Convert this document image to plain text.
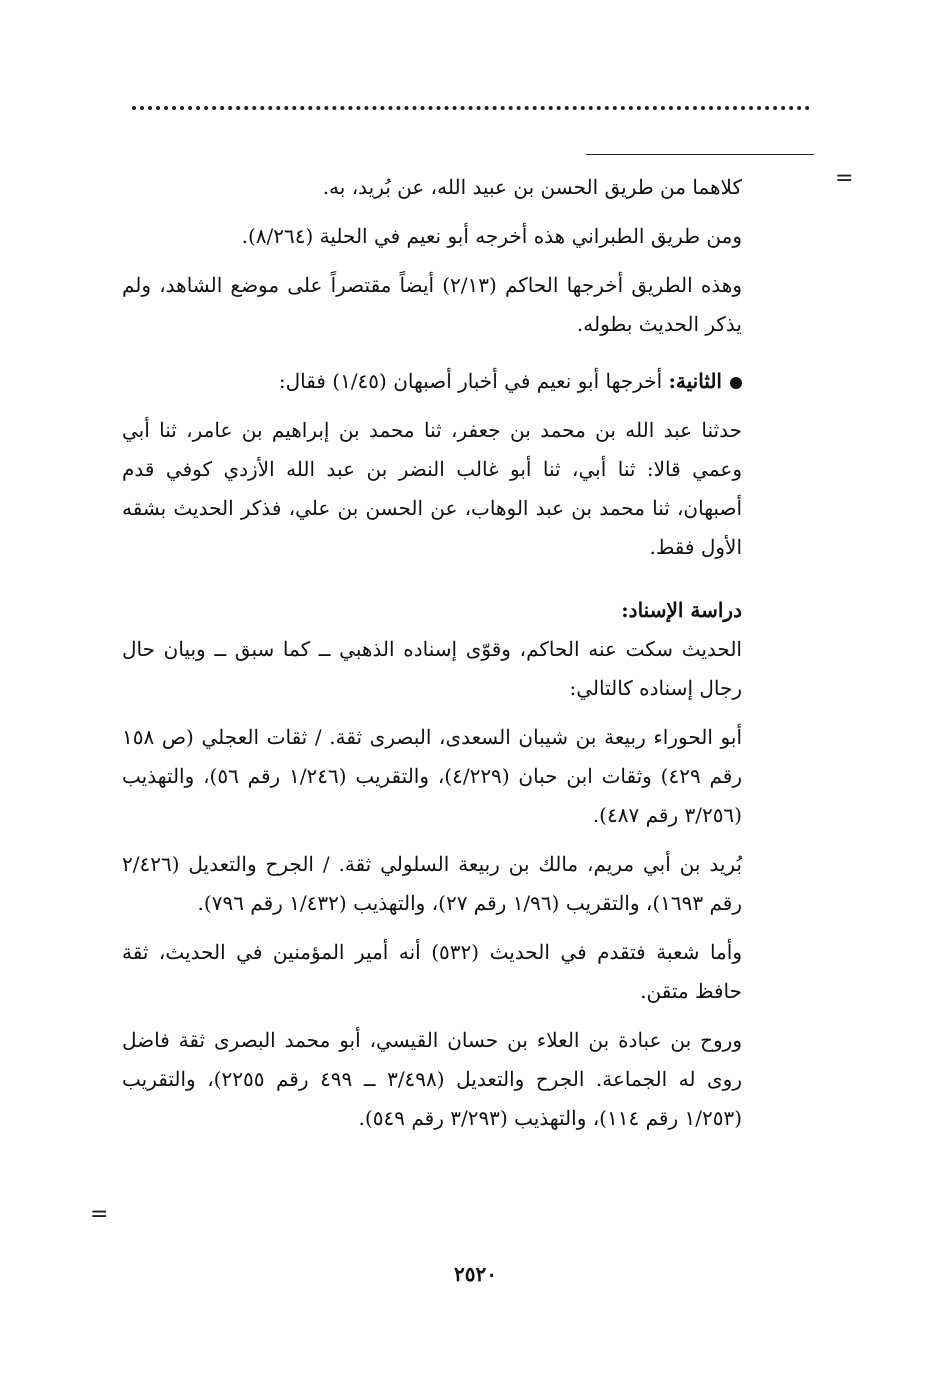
=
=

كلاهما من طريق الحسن بن عبيد الله، عن بُريد، به.

ومن طريق الطبراني هذه أخرجه أبو نعيم في الحلية (٨/٢٦٤).

وهذه الطريق أخرجها الحاكم (٢/١٣) أيضاً مقتصراً على موضع الشاهد، ولم يذكر الحديث بطوله.

الثانية: أخرجها أبو نعيم في أخبار أصبهان (١/٤٥) فقال:

حدثنا عبد الله بن محمد بن جعفر، ثنا محمد بن إبراهيم بن عامر، ثنا أبي وعمي قالا: ثنا أبي، ثنا أبو غالب النضر بن عبد الله الأزدي كوفي قدم أصبهان، ثنا محمد بن عبد الوهاب، عن الحسن بن علي، فذكر الحديث بشقه الأول فقط.

دراسة الإسناد:

الحديث سكت عنه الحاكم، وقوّى إسناده الذهبي ــ كما سبق ــ وبيان حال رجال إسناده كالتالي:

أبو الحوراء ربيعة بن شيبان السعدى، البصرى ثقة. / ثقات العجلي (ص ١٥٨ رقم ٤٢٩) وثقات ابن حبان (٤/٢٢٩)، والتقريب (١/٢٤٦ رقم ٥٦)، والتهذيب (٣/٢٥٦ رقم ٤٨٧).

بُريد بن أبي مريم، مالك بن ربيعة السلولي ثقة. / الجرح والتعديل (٢/٤٢٦ رقم ١٦٩٣)، والتقريب (١/٩٦ رقم ٢٧)، والتهذيب (١/٤٣٢ رقم ٧٩٦).

وأما شعبة فتقدم في الحديث (٥٣٢) أنه أمير المؤمنين في الحديث، ثقة حافظ متقن.

وروح بن عبادة بن العلاء بن حسان القيسي، أبو محمد البصرى ثقة فاضل روى له الجماعة. الجرح والتعديل (٣/٤٩٨ ــ ٤٩٩ رقم ٢٢٥٥)، والتقريب (١/٢٥٣ رقم ١١٤)، والتهذيب (٣/٢٩٣ رقم ٥٤٩).

٢٥٢٠
